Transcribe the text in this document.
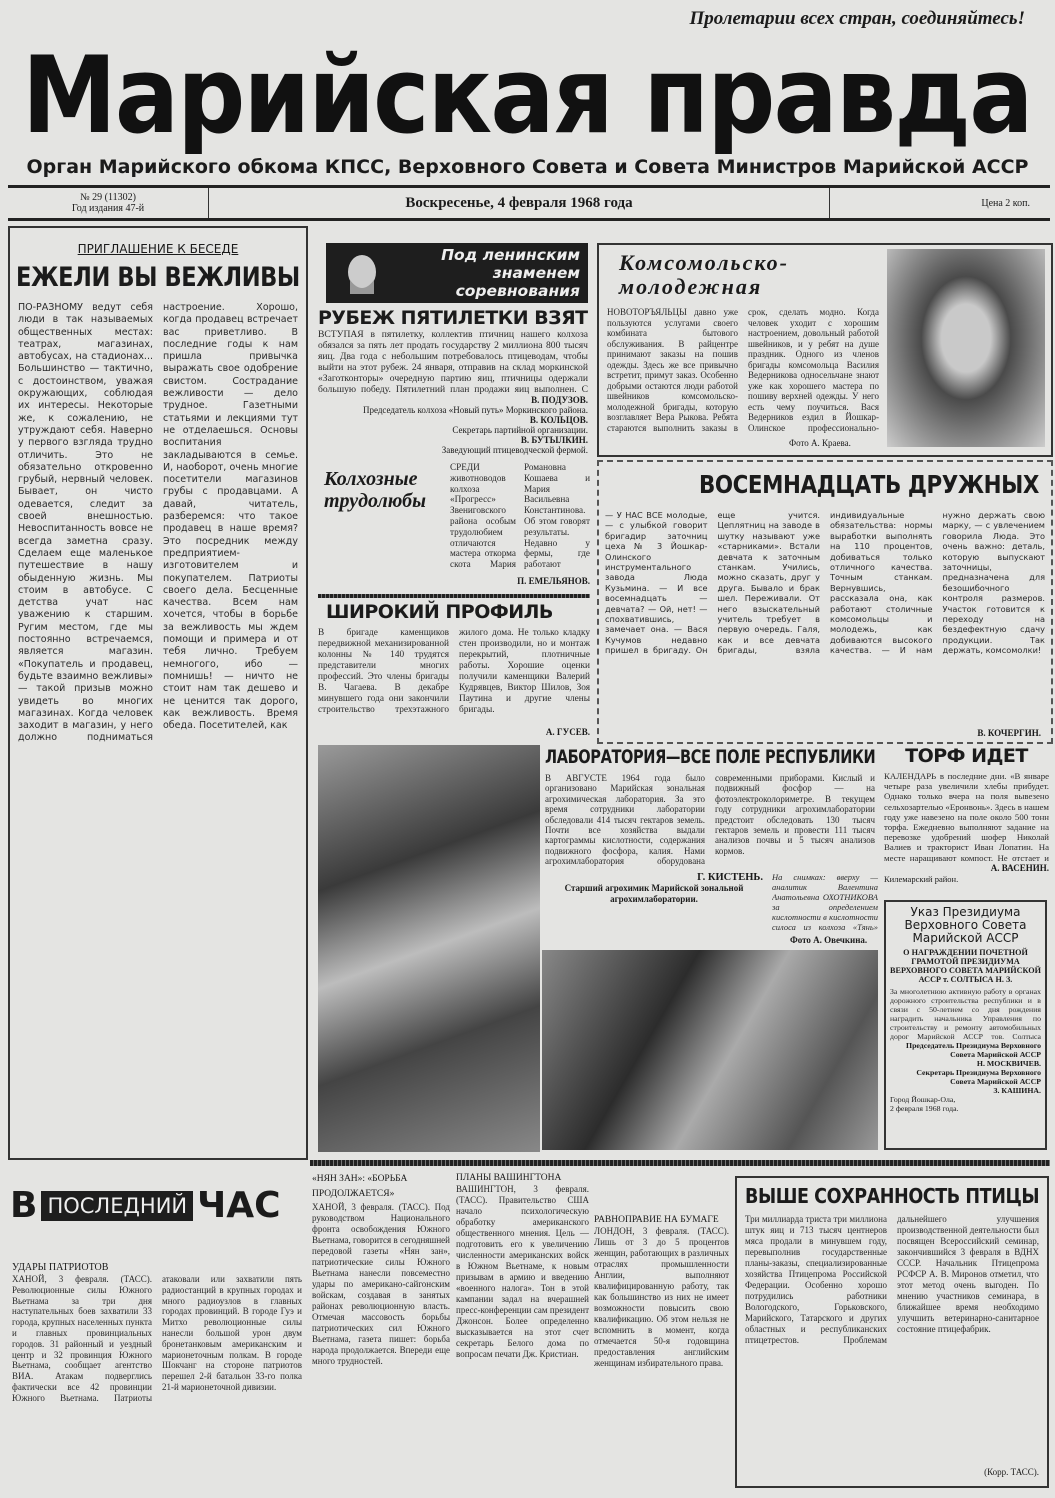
Пролетарии всех стран, соединяйтесь!
Марийская правда
Орган Марийского обкома КПСС, Верховного Совета и Совета Министров Марийской АССР
№ 29 (11302)
Год издания 47-й	Воскресенье, 4 февраля 1968 года	Цена 2 коп.
ПРИГЛАШЕНИЕ К БЕСЕДЕ
ЕЖЕЛИ ВЫ ВЕЖЛИВЫ
ПО-РАЗНОМУ ведут себя люди в так называемых общественных местах: театрах, магазинах, автобусах, на стадионах... Большинство — тактично, с достоинством, уважая окружающих, соблюдая их интересы. Некоторые же, к сожалению, не утруждают себя. Наверно у первого взгляда трудно отличить. Это не обязательно откровенно грубый, нервный человек. Бывает, он чисто одевается, следит за своей внешностью. Невоспитанность вовсе не всегда заметна сразу. Сделаем еще маленькое путешествие в нашу обыденную жизнь. Мы стоим в автобусе. С детства учат нас уважению к старшим. Ругим местом, где мы постоянно встречаемся, является магазин. «Покупатель и продавец, будьте взаимно вежливы» — такой призыв можно увидеть во многих магазинах. Когда человек заходит в магазин, у него должно подниматься настроение. Хорошо, когда продавец встречает вас приветливо. В последние годы к нам пришла привычка выражать свое одобрение свистом. Сострадание вежливости — дело трудное. Газетными статьями и лекциями тут не отделаешься. Основы воспитания закладываются в семье. И, наоборот, очень многие посетители магазинов грубы с продавцами. А давай, читатель, разберемся: что такое продавец в наше время? Это посредник между предприятием-изготовителем и покупателем. Патриоты своего дела. Бесценные качества. Всем нам хочется, чтобы в борьбе за вежливость мы ждем помощи и примера и от тебя лично. Требуем немногого, ибо — помнишь! — ничто не стоит нам так дешево и не ценится так дорого, как вежливость. Время обеда. Посетителей, как
Под ленинским знаменем соревнования
РУБЕЖ ПЯТИЛЕТКИ ВЗЯТ
ВСТУПАЯ в пятилетку, коллектив птичниц нашего колхоза обязался за пять лет продать государству 2 миллиона 800 тысяч яиц. Два года с небольшим потребовалось птицеводам, чтобы выйти на этот рубеж. 24 января, отправив на склад моркинской «Заготконторы» очередную партию яиц, птичницы одержали большую победу. Пятилетний план продажи яиц выполнен. С
В. ПОДУЗОВ.
Председатель колхоза «Новый путь» Моркинского района.
В. КОЛЬЦОВ.
Секретарь партийной организации.
В. БУТЫЛКИН.
Заведующий птицеводческой фермой.
Колхозные трудолюбы
СРЕДИ животноводов колхоза «Прогресс» Звениговского района особым трудолюбием отличаются мастера откорма скота Мария Романовна Кошаева и Мария Васильевна Константинова. Об этом говорят результаты. Недавно у фермы, где работают
П. ЕМЕЛЬЯНОВ.
ШИРОКИЙ ПРОФИЛЬ
В бригаде каменщиков передвижной механизированной колонны № 140 трудятся представители многих профессий. Это члены бригады В. Чагаева. В декабре минувшего года они закончили строительство трехэтажного жилого дома. Не только кладку стен производили, но и монтаж перекрытий, плотничные работы. Хорошие оценки получили каменщики Валерий Кудрявцев, Виктор Шилов, Зоя Паутина и другие члены бригады.
А. ГУСЕВ.
Комсомольско-молодежная
НОВОТОРЪЯЛЬЦЫ давно уже пользуются услугами своего комбината бытового обслуживания. В райцентре принимают заказы на пошив одежды. Здесь же все привычно встретит, примут заказ. Особенно добрыми остаются люди работой швейников комсомольско-молодежной бригады, которую возглавляет Вера Рыкова. Ребята стараются выполнить заказы в срок, сделать модно. Когда человек уходит с хорошим настроением, довольный работой швейников, и у ребят на душе праздник. Одного из членов бригады комсомольца Василия Ведерникова односельчане знают уже как хорошего мастера по пошиву верхней одежды. У него есть чему поучиться. Вася Ведерников ездил в Йошкар-Олинское профессионально-
Фото А. Краева.
ВОСЕМНАДЦАТЬ ДРУЖНЫХ
— У НАС ВСЕ молодые, — с улыбкой говорит бригадир заточниц цеха № 3 Йошкар-Олинского инструментального завода Люда Кузьмина. — И все восемнадцать — девчата? — Ой, нет! — спохватившись, замечает она. — Вася Кучумов недавно пришел в бригаду. Он еще учится. Цеплятниц на заводе в шутку называют уже «старниками». Встали девчата к заточным станкам. Учились, можно сказать, друг у друга. Бывало и брак шел. Переживали. От него взыскательный учитель требует в первую очередь. Галя, как и все девчата бригады, взяла индивидуальные обязательства: нормы выработки выполнять на 110 процентов, добиваться только отличного качества. Точным станкам. Вернувшись, рассказала она, как работают столичные комсомольцы и молодежь, как добиваются высокого качества. — И нам нужно держать свою марку, — с увлечением говорила Люда. Это очень важно: деталь, которую выпускают заточницы, предназначена для безошибочного контроля размеров. Участок готовится к переходу на бездефектную сдачу продукции. Так держать, комсомолки!
В. КОЧЕРГИН.
ЛАБОРАТОРИЯ—ВСЕ ПОЛЕ РЕСПУБЛИКИ
В АВГУСТЕ 1964 года было организовано Марийская зональная агрохимическая лаборатория. За это время сотрудники лаборатории обследовали 414 тысяч гектаров земель. Почти все хозяйства выдали картограммы кислотности, содержания подвижного фосфора, калия. Нами агрохимлаборатория оборудована современными приборами. Кислый и подвижный фосфор — на фотоэлектроколориметре. В текущем году сотрудники агрохимлаборатории предстоит обследовать 130 тысяч гектаров земель и провести 111 тысяч анализов почвы и 5 тысяч анализов кормов.
Г. КИСТЕНЬ.
Старший агрохимик Марийской зональной агрохимлаборатории.
На снимках: вверху — аналитик Валентина Анатольевна ОХОТНИКОВА за определением кислотности в кислотности силоса из колхоза «Тянь»
Фото А. Овечкина.
ТОРФ ИДЕТ
КАЛЕНДАРЬ в последние дни. «В январе четыре раза увеличили хлебы прибудет. Однако только вчера на поля вывезено сельхозартелью «Еронвонь». Здесь в нашем году уже навезено на поле около 500 тонн торфа. Ежедневно выполняют задание на перевозке удобрений шофер Николай Валиев и тракторист Иван Лопатин. На месте наращивают компост. Не отстает и
А. ВАСЕНИН.
Килемарский район.
Указ Президиума Верховного Совета Марийской АССР
О НАГРАЖДЕНИИ ПОЧЕТНОЙ ГРАМОТОЙ ПРЕЗИДИУМА ВЕРХОВНОГО СОВЕТА МАРИЙСКОЙ АССР т. СОЛТЫСА Н. З.
За многолетнюю активную работу в органах дорожного строительства республики и в связи с 50-летием со дня рождения наградить начальника Управления по строительству и ремонту автомобильных дорог Марийской АССР тов. Солтыса
Председатель Президиума Верховного Совета Марийской АССР
Н. МОСКВИЧЕВ.
Секретарь Президиума Верховного Совета Марийской АССР
З. КАШИНА.
Город Йошкар-Ола,
2 февраля 1968 года.
В ПОСЛЕДНИЙ ЧАС
УДАРЫ ПАТРИОТОВ
ХАНОЙ, 3 февраля. (ТАСС). Революционные силы Южного Вьетнама за три дня наступательных боев захватили 33 города, крупных населенных пункта и главных провинциальных городов. 31 районный и уездный центр и 32 провинция Южного Вьетнама, сообщает агентство ВИА. Атакам подверглись фактически все 42 провинции Южного Вьетнама. Патриоты атаковали или захватили пять радиостанций в крупных городах и много радиоузлов в главных городах провинций. В городе Гуэ и Митхо революционные силы нанесли большой урон двум бронетанковым американским и марионеточным полкам. В городе Шокчанг на стороне патриотов перешел 2-й батальон 33-го полка 21-й марионеточной дивизии.
«НЯН ЗАН»: «БОРЬБА ПРОДОЛЖАЕТСЯ»
ХАНОЙ, 3 февраля. (ТАСС). Под руководством Национального фронта освобождения Южного Вьетнама, говорится в сегодняшней передовой газеты «Нян зан», патриотические силы Южного Вьетнама нанесли повсеместно удары по американо-сайгонским войскам, создавая в занятых районах революционную власть. Отмечая массовость борьбы патриотических сил Южного Вьетнама, газета пишет: борьба народа продолжается. Впереди еще много трудностей.
ПЛАНЫ ВАШИНГТОНА
ВАШИНГТОН, 3 февраля. (ТАСС). Правительство США начало психологическую обработку американского общественного мнения. Цель — подготовить его к увеличению численности американских войск в Южном Вьетнаме, к новым призывам в армию и введению «военного налога». Тон в этой кампании задал на вчерашней пресс-конференции сам президент Джонсон. Более определенно высказывается на этот счет секретарь Белого дома по вопросам печати Дж. Кристиан.
РАВНОПРАВИЕ НА БУМАГЕ
ЛОНДОН, 3 февраля. (ТАСС). Лишь от 3 до 5 процентов женщин, работающих в различных отраслях промышленности Англии, выполняют квалифицированную работу, так как большинство из них не имеет возможности повысить свою квалификацию. Об этом нельзя не вспомнить в момент, когда отмечается 50-я годовщина предоставления английским женщинам избирательного права.
ВЫШЕ СОХРАННОСТЬ ПТИЦЫ
Три миллиарда триста три миллиона штук яиц и 713 тысяч центнеров мяса продали в минувшем году, перевыполнив государственные планы-заказы, специализированные хозяйства Птицепрома Российской Федерации. Особенно хорошо потрудились работники Вологодского, Горьковского, Марийского, Татарского и других областных и республиканских птицетрестов. Проблемам дальнейшего улучшения производственной деятельности был посвящен Всероссийский семинар, закончившийся 3 февраля в ВДНХ СССР. Начальник Птицепрома РСФСР А. В. Миронов отметил, что этот метод очень выгоден. По мнению участников семинара, в ближайшее время необходимо улучшить ветеринарно-санитарное состояние птицефабрик.
(Корр. ТАСС).
